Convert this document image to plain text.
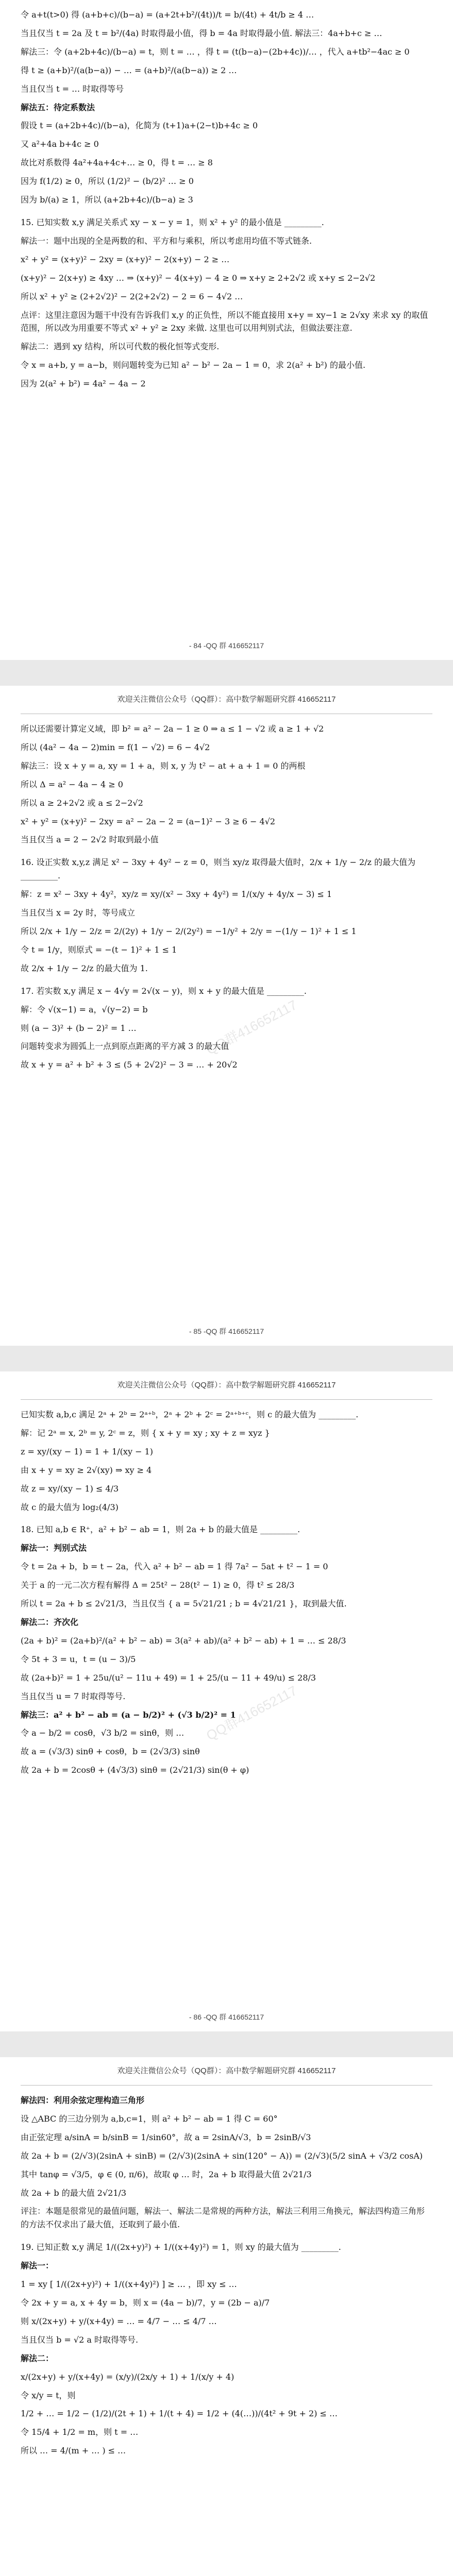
令 a+t(t>0) 得 (a+b+c)/(b−a) = (a+2t+b²/(4t))/t = b/(4t) + 4t/b ≥ 4 …
当且仅当 t = 2a 及 t = b²/(4a) 时取得最小值，得 b = 4a 时取得最小值. 解法三：4a+b+c ≥ …
解法三：令 (a+2b+4c)/(b−a) = t，则 t = … ，得 t = (t(b−a)−(2b+4c))/… ，代入 a+tb²−4ac ≥ 0
得 t ≥ (a+b)²/(a(b−a)) − … = (a+b)²/(a(b−a)) ≥ 2 …
当且仅当 t = … 时取得等号
解法五：待定系数法
假设 t = (a+2b+4c)/(b−a)，化简为 (t+1)a+(2−t)b+4c ≥ 0
又 a²+4a b+4c ≥ 0
故比对系数得 4a²+4a+4c+… ≥ 0，得 t = … ≥ 8
因为 f(1/2) ≥ 0，所以 (1/2)² − (b/2)² … ≥ 0
因为 b/(a) ≥ 1，所以 (a+2b+4c)/(b−a) ≥ 3
15. 已知实数 x,y 满足关系式 xy − x − y = 1，则 x² + y² 的最小值是 _________.
解法一：题中出现的全是两数的和、平方和与乘积，所以考虑用均值不等式链条.
x² + y² = (x+y)² − 2xy = (x+y)² − 2(x+y) − 2 ≥ …
(x+y)² − 2(x+y) ≥ 4xy … ⇒ (x+y)² − 4(x+y) − 4 ≥ 0 ⇒ x+y ≥ 2+2√2 或 x+y ≤ 2−2√2
所以 x² + y² ≥ (2+2√2)² − 2(2+2√2) − 2 = 6 − 4√2 …
点评：这里注意因为题干中没有告诉我们 x,y 的正负性，所以不能直接用 x+y = xy−1 ≥ 2√xy 来求 xy 的取值范围，所以改为用重要不等式 x² + y² ≥ 2xy 来做. 这里也可以用判别式法，但做法要注意.
解法二：遇到 xy 结构，所以可代数的极化恒等式变形.
令 x = a+b, y = a−b，则问题转变为已知 a² − b² − 2a − 1 = 0，求 2(a² + b²) 的最小值.
因为 2(a² + b²) = 4a² − 4a − 2
- 84 -QQ 群 416652117
欢迎关注微信公众号（QQ群）：高中数学解题研究群 416652117
所以还需要计算定义域，即 b² = a² − 2a − 1 ≥ 0 ⇒ a ≤ 1 − √2 或 a ≥ 1 + √2
所以 (4a² − 4a − 2)min = f(1 − √2) = 6 − 4√2
解法三：设 x + y = a, xy = 1 + a，则 x, y 为 t² − at + a + 1 = 0 的两根
所以 Δ = a² − 4a − 4 ≥ 0
所以 a ≥ 2+2√2 或 a ≤ 2−2√2
x² + y² = (x+y)² − 2xy = a² − 2a − 2 = (a−1)² − 3 ≥ 6 − 4√2
当且仅当 a = 2 − 2√2 时取到最小值
16. 设正实数 x,y,z 满足 x² − 3xy + 4y² − z = 0，则当 xy/z 取得最大值时，2/x + 1/y − 2/z 的最大值为 _________.
解：z = x² − 3xy + 4y²，xy/z = xy/(x² − 3xy + 4y²) = 1/(x/y + 4y/x − 3) ≤ 1
当且仅当 x = 2y 时，等号成立
所以 2/x + 1/y − 2/z = 2/(2y) + 1/y − 2/(2y²) = −1/y² + 2/y = −(1/y − 1)² + 1 ≤ 1
令 t = 1/y，则原式 = −(t − 1)² + 1 ≤ 1
故 2/x + 1/y − 2/z 的最大值为 1.
17. 若实数 x,y 满足 x − 4√y = 2√(x − y)，则 x + y 的最大值是 _________.
解：令 √(x−1) = a，√(y−2) = b
则 (a − 3)² + (b − 2)² = 1 …
问题转变求为圆弧上一点到原点距离的平方减 3 的最大值
故 x + y = a² + b² + 3 ≤ (5 + 2√2)² − 3 = … + 20√2
QQ群416652117
- 85 -QQ 群 416652117
欢迎关注微信公众号（QQ群）：高中数学解题研究群 416652117
已知实数 a,b,c 满足 2ᵃ + 2ᵇ = 2ᵃ⁺ᵇ，2ᵃ + 2ᵇ + 2ᶜ = 2ᵃ⁺ᵇ⁺ᶜ，则 c 的最大值为 _________.
解：记 2ᵃ = x, 2ᵇ = y, 2ᶜ = z，则 { x + y = xy ; xy + z = xyz }
z = xy/(xy − 1) = 1 + 1/(xy − 1)
由 x + y = xy ≥ 2√(xy) ⇒ xy ≥ 4
故 z = xy/(xy − 1) ≤ 4/3
故 c 的最大值为 log₂(4/3)
18. 已知 a,b ∈ R⁺，a² + b² − ab = 1，则 2a + b 的最大值是 _________.
解法一：判别式法
令 t = 2a + b，b = t − 2a，代入 a² + b² − ab = 1 得 7a² − 5at + t² − 1 = 0
关于 a 的一元二次方程有解得 Δ = 25t² − 28(t² − 1) ≥ 0，得 t² ≤ 28/3
所以 t = 2a + b ≤ 2√21/3，当且仅当 { a = 5√21/21 ; b = 4√21/21 }，取到最大值.
解法二：齐次化
(2a + b)² = (2a+b)²/(a² + b² − ab) = 3(a² + ab)/(a² + b² − ab) + 1 = … ≤ 28/3
令 5t + 3 = u，t = (u − 3)/5
故 (2a+b)² = 1 + 25u/(u² − 11u + 49) = 1 + 25/(u − 11 + 49/u) ≤ 28/3
当且仅当 u = 7 时取得等号.
解法三：a² + b² − ab = (a − b/2)² + (√3 b/2)² = 1
令 a − b/2 = cosθ，√3 b/2 = sinθ，则 …
故 a = (√3/3) sinθ + cosθ，b = (2√3/3) sinθ
故 2a + b = 2cosθ + (4√3/3) sinθ = (2√21/3) sin(θ + φ)
QQ群416652117
- 86 -QQ 群 416652117
欢迎关注微信公众号（QQ群）：高中数学解题研究群 416652117
解法四：利用余弦定理构造三角形
设 △ABC 的三边分别为 a,b,c=1，则 a² + b² − ab = 1 得 C = 60°
由正弦定理 a/sinA = b/sinB = 1/sin60°，故 a = 2sinA/√3，b = 2sinB/√3
故 2a + b = (2/√3)(2sinA + sinB) = (2/√3)(2sinA + sin(120° − A)) = (2/√3)(5/2 sinA + √3/2 cosA)
其中 tanφ = √3/5，φ ∈ (0, π/6)，故取 φ … 时，2a + b 取得最大值 2√21/3
故 2a + b 的最大值 2√21/3
评注：本题是很常见的最值问题，解法一、解法二是常规的两种方法，解法三利用三角换元，解法四构造三角形的方法不仅求出了最大值，还取到了最小值.
19. 已知正数 x,y 满足 1/((2x+y)²) + 1/((x+4y)²) = 1，则 xy 的最大值为 _________.
解法一：
1 = xy [ 1/((2x+y)²) + 1/((x+4y)²) ] ≥ … ，即 xy ≤ …
令 2x + y = a, x + 4y = b，则 x = (4a − b)/7，y = (2b − a)/7
则 x/(2x+y) + y/(x+4y) = … = 4/7 − … ≤ 4/7 …
当且仅当 b = √2 a 时取得等号.
解法二：
x/(2x+y) + y/(x+4y) = (x/y)/(2x/y + 1) + 1/(x/y + 4)
令 x/y = t，则
1/2 + … = 1/2 − (1/2)/(2t + 1) + 1/(t + 4) = 1/2 + (4(…))/(4t² + 9t + 2) ≤ …
令 15/4 + 1/2 = m，则 t = …
所以 … = 4/(m + … ) ≤ …
